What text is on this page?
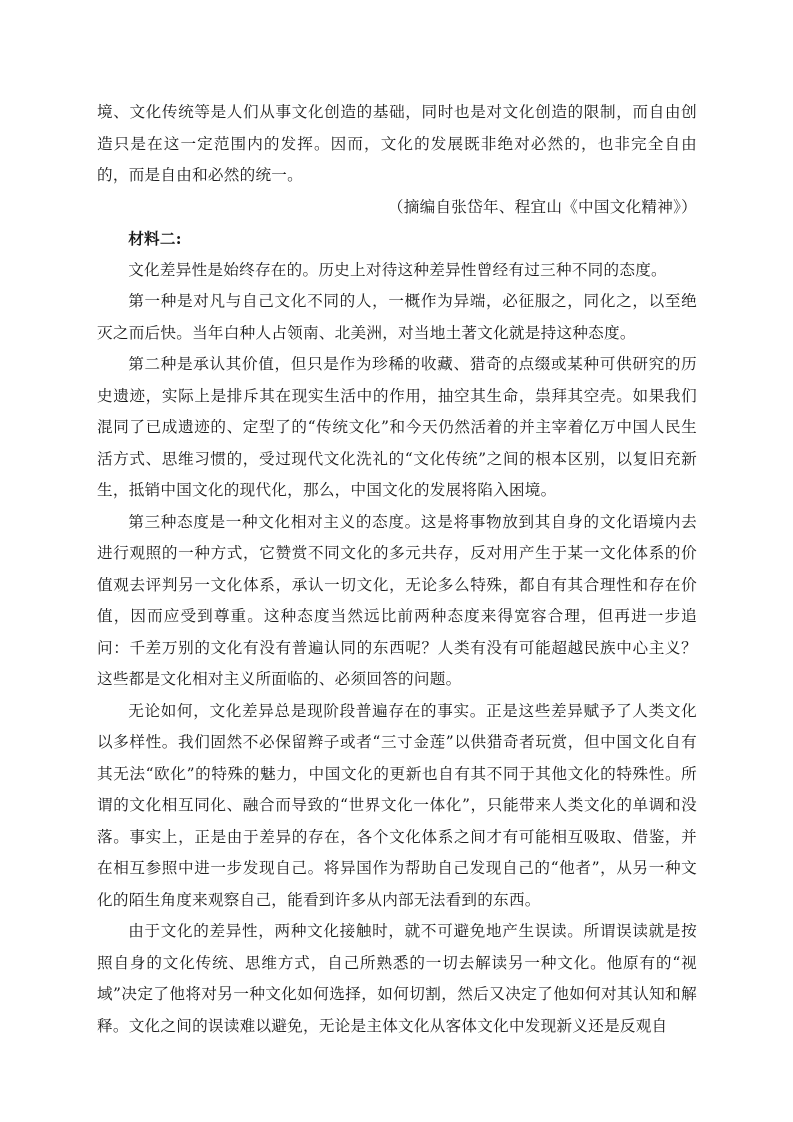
境、文化传统等是人们从事文化创造的基础，同时也是对文化创造的限制，而自由创造只是在这一定范围内的发挥。因而，文化的发展既非绝对必然的，也非完全自由的，而是自由和必然的统一。

（摘编自张岱年、程宜山《中国文化精神》）

材料二:

文化差异性是始终存在的。历史上对待这种差异性曾经有过三种不同的态度。

第一种是对凡与自己文化不同的人，一概作为异端，必征服之，同化之，以至绝灭之而后快。当年白种人占领南、北美洲，对当地土著文化就是持这种态度。

第二种是承认其价值，但只是作为珍稀的收藏、猎奇的点缀或某种可供研究的历史遗迹，实际上是排斥其在现实生活中的作用，抽空其生命，祟拜其空壳。如果我们混同了已成遗迹的、定型了的“传统文化”和今天仍然活着的并主宰着亿万中国人民生活方式、思维习惯的，受过现代文化洗礼的“文化传统”之间的根本区别，以复旧充新生，抵销中国文化的现代化，那么，中国文化的发展将陷入困境。

第三种态度是一种文化相对主义的态度。这是将事物放到其自身的文化语境内去进行观照的一种方式，它赞赏不同文化的多元共存，反对用产生于某一文化体系的价值观去评判另一文化体系，承认一切文化，无论多么特殊，都自有其合理性和存在价值，因而应受到尊重。这种态度当然远比前两种态度来得宽容合理，但再进一步追问：千差万别的文化有没有普遍认同的东西呢？人类有没有可能超越民族中心主义？这些都是文化相对主义所面临的、必须回答的问题。

无论如何，文化差异总是现阶段普遍存在的事实。正是这些差异赋予了人类文化以多样性。我们固然不必保留辫子或者“三寸金莲”以供猎奇者玩赏，但中国文化自有其无法“欧化”的特殊的魅力，中国文化的更新也自有其不同于其他文化的特殊性。所谓的文化相互同化、融合而导致的“世界文化一体化”，只能带来人类文化的单调和没落。事实上，正是由于差异的存在，各个文化体系之间才有可能相互吸取、借鉴，并在相互参照中进一步发现自己。将异国作为帮助自己发现自己的“他者”，从另一种文化的陌生角度来观察自己，能看到许多从内部无法看到的东西。

由于文化的差异性，两种文化接触时，就不可避免地产生误读。所谓误读就是按照自身的文化传统、思维方式，自己所熟悉的一切去解读另一种文化。他原有的“视域”决定了他将对另一种文化如何选择，如何切割，然后又决定了他如何对其认知和解释。文化之间的误读难以避免，无论是主体文化从客体文化中发现新义还是反观自
